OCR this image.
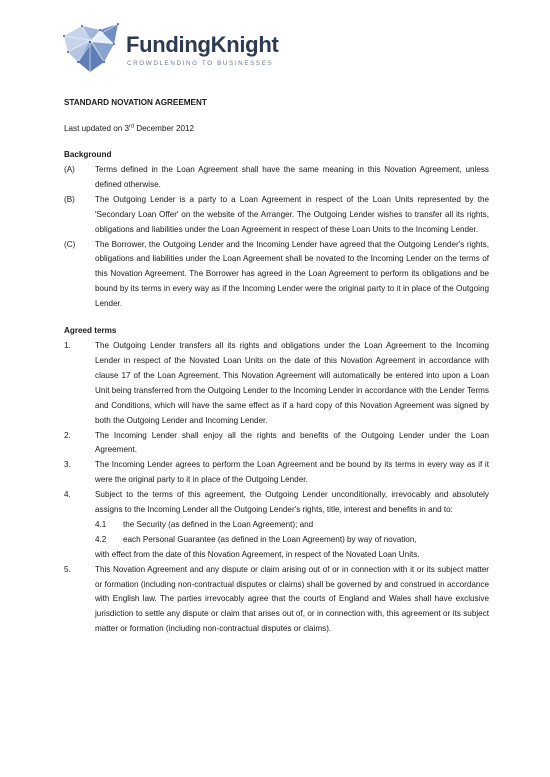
FundingKnight
CROWDLENDING TO BUSINESSES
STANDARD NOVATION AGREEMENT
Last updated on 3rd December 2012
Background
(A)	Terms defined in the Loan Agreement shall have the same meaning in this Novation Agreement, unless defined otherwise.
(B)	The Outgoing Lender is a party to a Loan Agreement in respect of the Loan Units represented by the 'Secondary Loan Offer' on the website of the Arranger. The Outgoing Lender wishes to transfer all its rights, obligations and liabilities under the Loan Agreement in respect of these Loan Units to the Incoming Lender.
(C)	The Borrower, the Outgoing Lender and the Incoming Lender have agreed that the Outgoing Lender's rights, obligations and liabilities under the Loan Agreement shall be novated to the Incoming Lender on the terms of this Novation Agreement. The Borrower has agreed in the Loan Agreement to perform its obligations and be bound by its terms in every way as if the Incoming Lender were the original party to it in place of the Outgoing Lender.
Agreed terms
1.	The Outgoing Lender transfers all its rights and obligations under the Loan Agreement to the Incoming Lender in respect of the Novated Loan Units on the date of this Novation Agreement in accordance with clause 17 of the Loan Agreement. This Novation Agreement will automatically be entered into upon a Loan Unit being transferred from the Outgoing Lender to the Incoming Lender in accordance with the Lender Terms and Conditions, which will have the same effect as if a hard copy of this Novation Agreement was signed by both the Outgoing Lender and Incoming Lender.
2.	The Incoming Lender shall enjoy all the rights and benefits of the Outgoing Lender under the Loan Agreement.
3.	The Incoming Lender agrees to perform the Loan Agreement and be bound by its terms in every way as if it were the original party to it in place of the Outgoing Lender.
4.	Subject to the terms of this agreement, the Outgoing Lender unconditionally, irrevocably and absolutely assigns to the Incoming Lender all the Outgoing Lender's rights, title, interest and benefits in and to:
4.1	the Security (as defined in the Loan Agreement); and
4.2	each Personal Guarantee (as defined in the Loan Agreement) by way of novation,
with effect from the date of this Novation Agreement, in respect of the Novated Loan Units.
5.	This Novation Agreement and any dispute or claim arising out of or in connection with it or its subject matter or formation (including non-contractual disputes or claims) shall be governed by and construed in accordance with English law. The parties irrevocably agree that the courts of England and Wales shall have exclusive jurisdiction to settle any dispute or claim that arises out of, or in connection with, this agreement or its subject matter or formation (including non-contractual disputes or claims).
